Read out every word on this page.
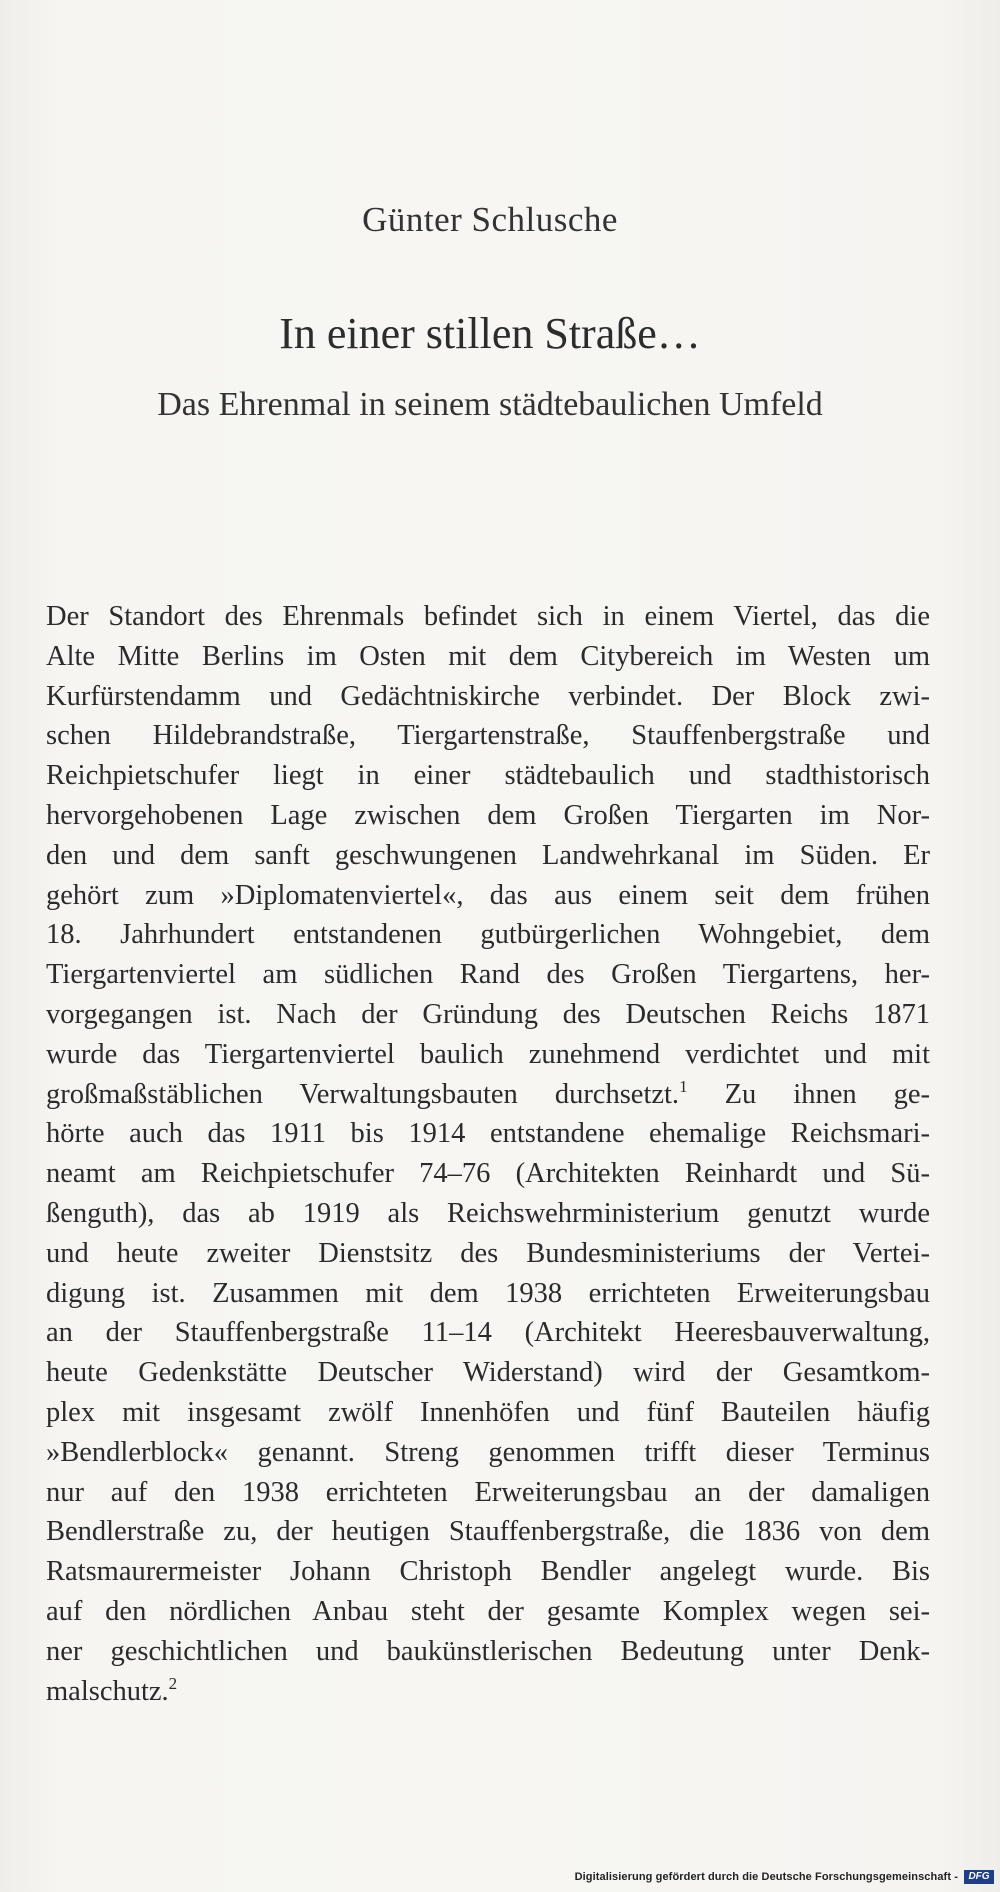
Günter Schlusche
In einer stillen Straße…
Das Ehrenmal in seinem städtebaulichen Umfeld
Der Standort des Ehrenmals befindet sich in einem Viertel, das die
Alte Mitte Berlins im Osten mit dem Citybereich im Westen um
Kurfürstendamm und Gedächtniskirche verbindet. Der Block zwi-
schen Hildebrandstraße, Tiergartenstraße, Stauffenbergstraße und
Reichpietschufer liegt in einer städtebaulich und stadthistorisch
hervorgehobenen Lage zwischen dem Großen Tiergarten im Nor-
den und dem sanft geschwungenen Landwehrkanal im Süden. Er
gehört zum »Diplomatenviertel«, das aus einem seit dem frühen
18. Jahrhundert entstandenen gutbürgerlichen Wohngebiet, dem
Tiergartenviertel am südlichen Rand des Großen Tiergartens, her-
vorgegangen ist. Nach der Gründung des Deutschen Reichs 1871
wurde das Tiergartenviertel baulich zunehmend verdichtet und mit
großmaßstäblichen Verwaltungsbauten durchsetzt.$^1$ Zu ihnen ge-
hörte auch das 1911 bis 1914 entstandene ehemalige Reichsmari-
neamt am Reichpietschufer 74–76 (Architekten Reinhardt und Sü-
ßenguth), das ab 1919 als Reichswehrministerium genutzt wurde
und heute zweiter Dienstsitz des Bundesministeriums der Vertei-
digung ist. Zusammen mit dem 1938 errichteten Erweiterungsbau
an der Stauffenbergstraße 11–14 (Architekt Heeresbauverwaltung,
heute Gedenkstätte Deutscher Widerstand) wird der Gesamtkom-
plex mit insgesamt zwölf Innenhöfen und fünf Bauteilen häufig
»Bendlerblock« genannt. Streng genommen trifft dieser Terminus
nur auf den 1938 errichteten Erweiterungsbau an der damaligen
Bendlerstraße zu, der heutigen Stauffenbergstraße, die 1836 von dem
Ratsmaurermeister Johann Christoph Bendler angelegt wurde. Bis
auf den nördlichen Anbau steht der gesamte Komplex wegen sei-
ner geschichtlichen und baukünstlerischen Bedeutung unter Denk-
malschutz.$^2$
Digitalisierung gefördert durch die Deutsche Forschungsgemeinschaft -	DFG
